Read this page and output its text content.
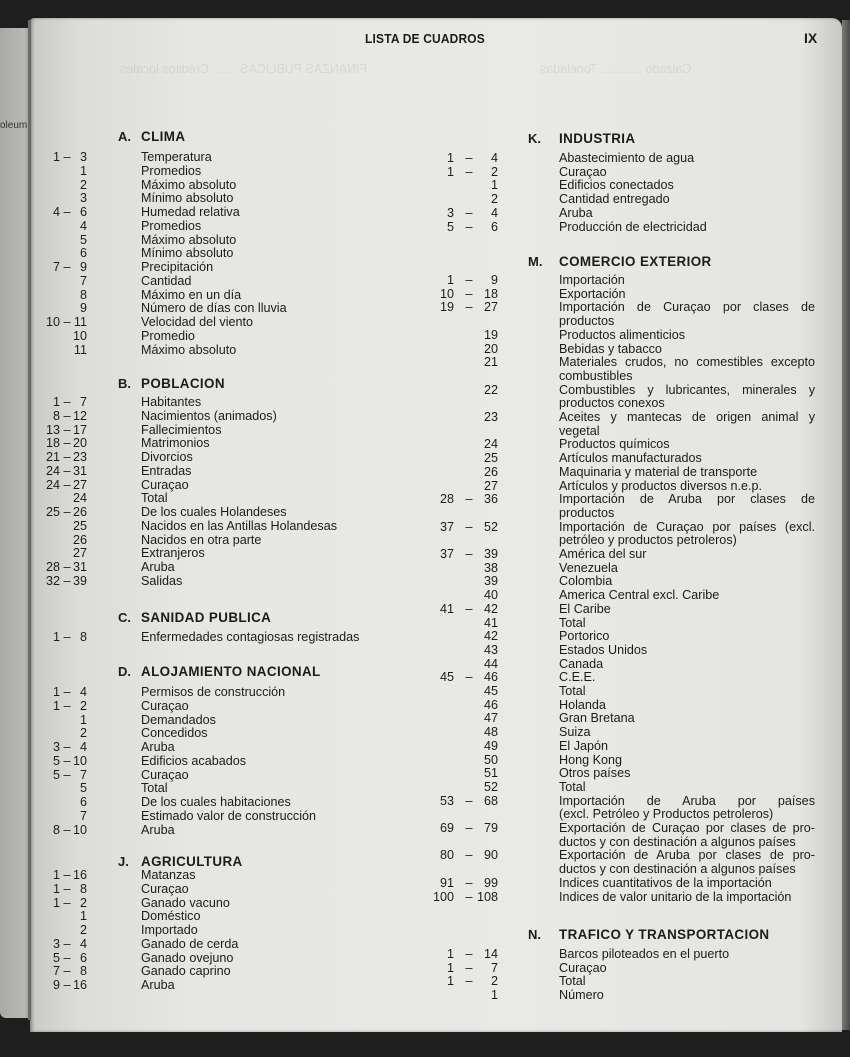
oleum
FINANZAS PUBLICAS ....... Créditos locales	Calzado ............ Toneladas
LISTA DE CUADROS	IX
A. CLIMA
1 – 3	Temperatura
1	Promedios
2	Máximo absoluto
3	Mínimo absoluto
4 – 6	Humedad relativa
4	Promedios
5	Máximo absoluto
6	Mínimo absoluto
7 – 9	Precipitación
7	Cantidad
8	Máximo en un día
9	Número de días con lluvia
10 – 11	Velocidad del viento
10	Promedio
11	Máximo absoluto
B. POBLACION
1 – 7	Habitantes
8 – 12	Nacimientos (animados)
13 – 17	Fallecimientos
18 – 20	Matrimonios
21 – 23	Divorcios
24 – 31	Entradas
24 – 27	Curaçao
24	Total
25 – 26	De los cuales Holandeses
25	Nacidos en las Antillas Holandesas
26	Nacidos en otra parte
27	Extranjeros
28 – 31	Aruba
32 – 39	Salidas
C. SANIDAD PUBLICA
1 – 8	Enfermedades contagiosas registradas
D. ALOJAMIENTO NACIONAL
1 – 4	Permisos de construcción
1 – 2	Curaçao
1	Demandados
2	Concedidos
3 – 4	Aruba
5 – 10	Edificios acabados
5 – 7	Curaçao
5	Total
6	De los cuales habitaciones
7	Estimado valor de construcción
8 – 10	Aruba
J. AGRICULTURA
1 – 16	Matanzas
1 – 8	Curaçao
1 – 2	Ganado vacuno
1	Doméstico
2	Importado
3 – 4	Ganado de cerda
5 – 6	Ganado ovejuno
7 – 8	Ganado caprino
9 – 16	Aruba
K. INDUSTRIA
1 –	4	Abastecimiento de agua
1 –	2	Curaçao
1	Edificios conectados
2	Cantidad entregado
3 –	4	Aruba
5 –	6	Producción de electricidad
M. COMERCIO EXTERIOR
1 –	9	Importación
10 – 18	Exportación
19 – 27	Importación de Curaçao por clases de
productos
19	Productos alimenticios
20	Bebidas y tabacco
21	Materiales crudos, no comestibles excepto
combustibles
22	Combustibles y lubricantes, minerales y
productos conexos
23	Aceites y mantecas de origen animal y
vegetal
24	Productos químicos
25	Artículos manufacturados
26	Maquinaria y material de transporte
27	Artículos y productos diversos n.e.p.
28 – 36	Importación de Aruba por clases de
productos
37 – 52	Importación de Curaçao por países (excl.
petróleo y productos petroleros)
37 – 39	América del sur
38	Venezuela
39	Colombia
40	America Central excl. Caribe
41 – 42	El Caribe
41	Total
42	Portorico
43	Estados Unidos
44	Canada
45 – 46	C.E.E.
45	Total
46	Holanda
47	Gran Bretana
48	Suiza
49	El Japón
50	Hong Kong
51	Otros países
52	Total
53 – 68	Importación de Aruba por países
(excl. Petróleo y Productos petroleros)
69 – 79	Exportación de Curaçao por clases de pro-
ductos y con destinación a algunos países
80 – 90	Exportación de Aruba por clases de pro-
ductos y con destinación a algunos países
91 – 99	Indices cuantitativos de la importación
100 – 108	Indices de valor unitario de la importación
N. TRAFICO Y TRANSPORTACION
1 – 14	Barcos piloteados en el puerto
1 –	7	Curaçao
1 –	2	Total
1	Número
